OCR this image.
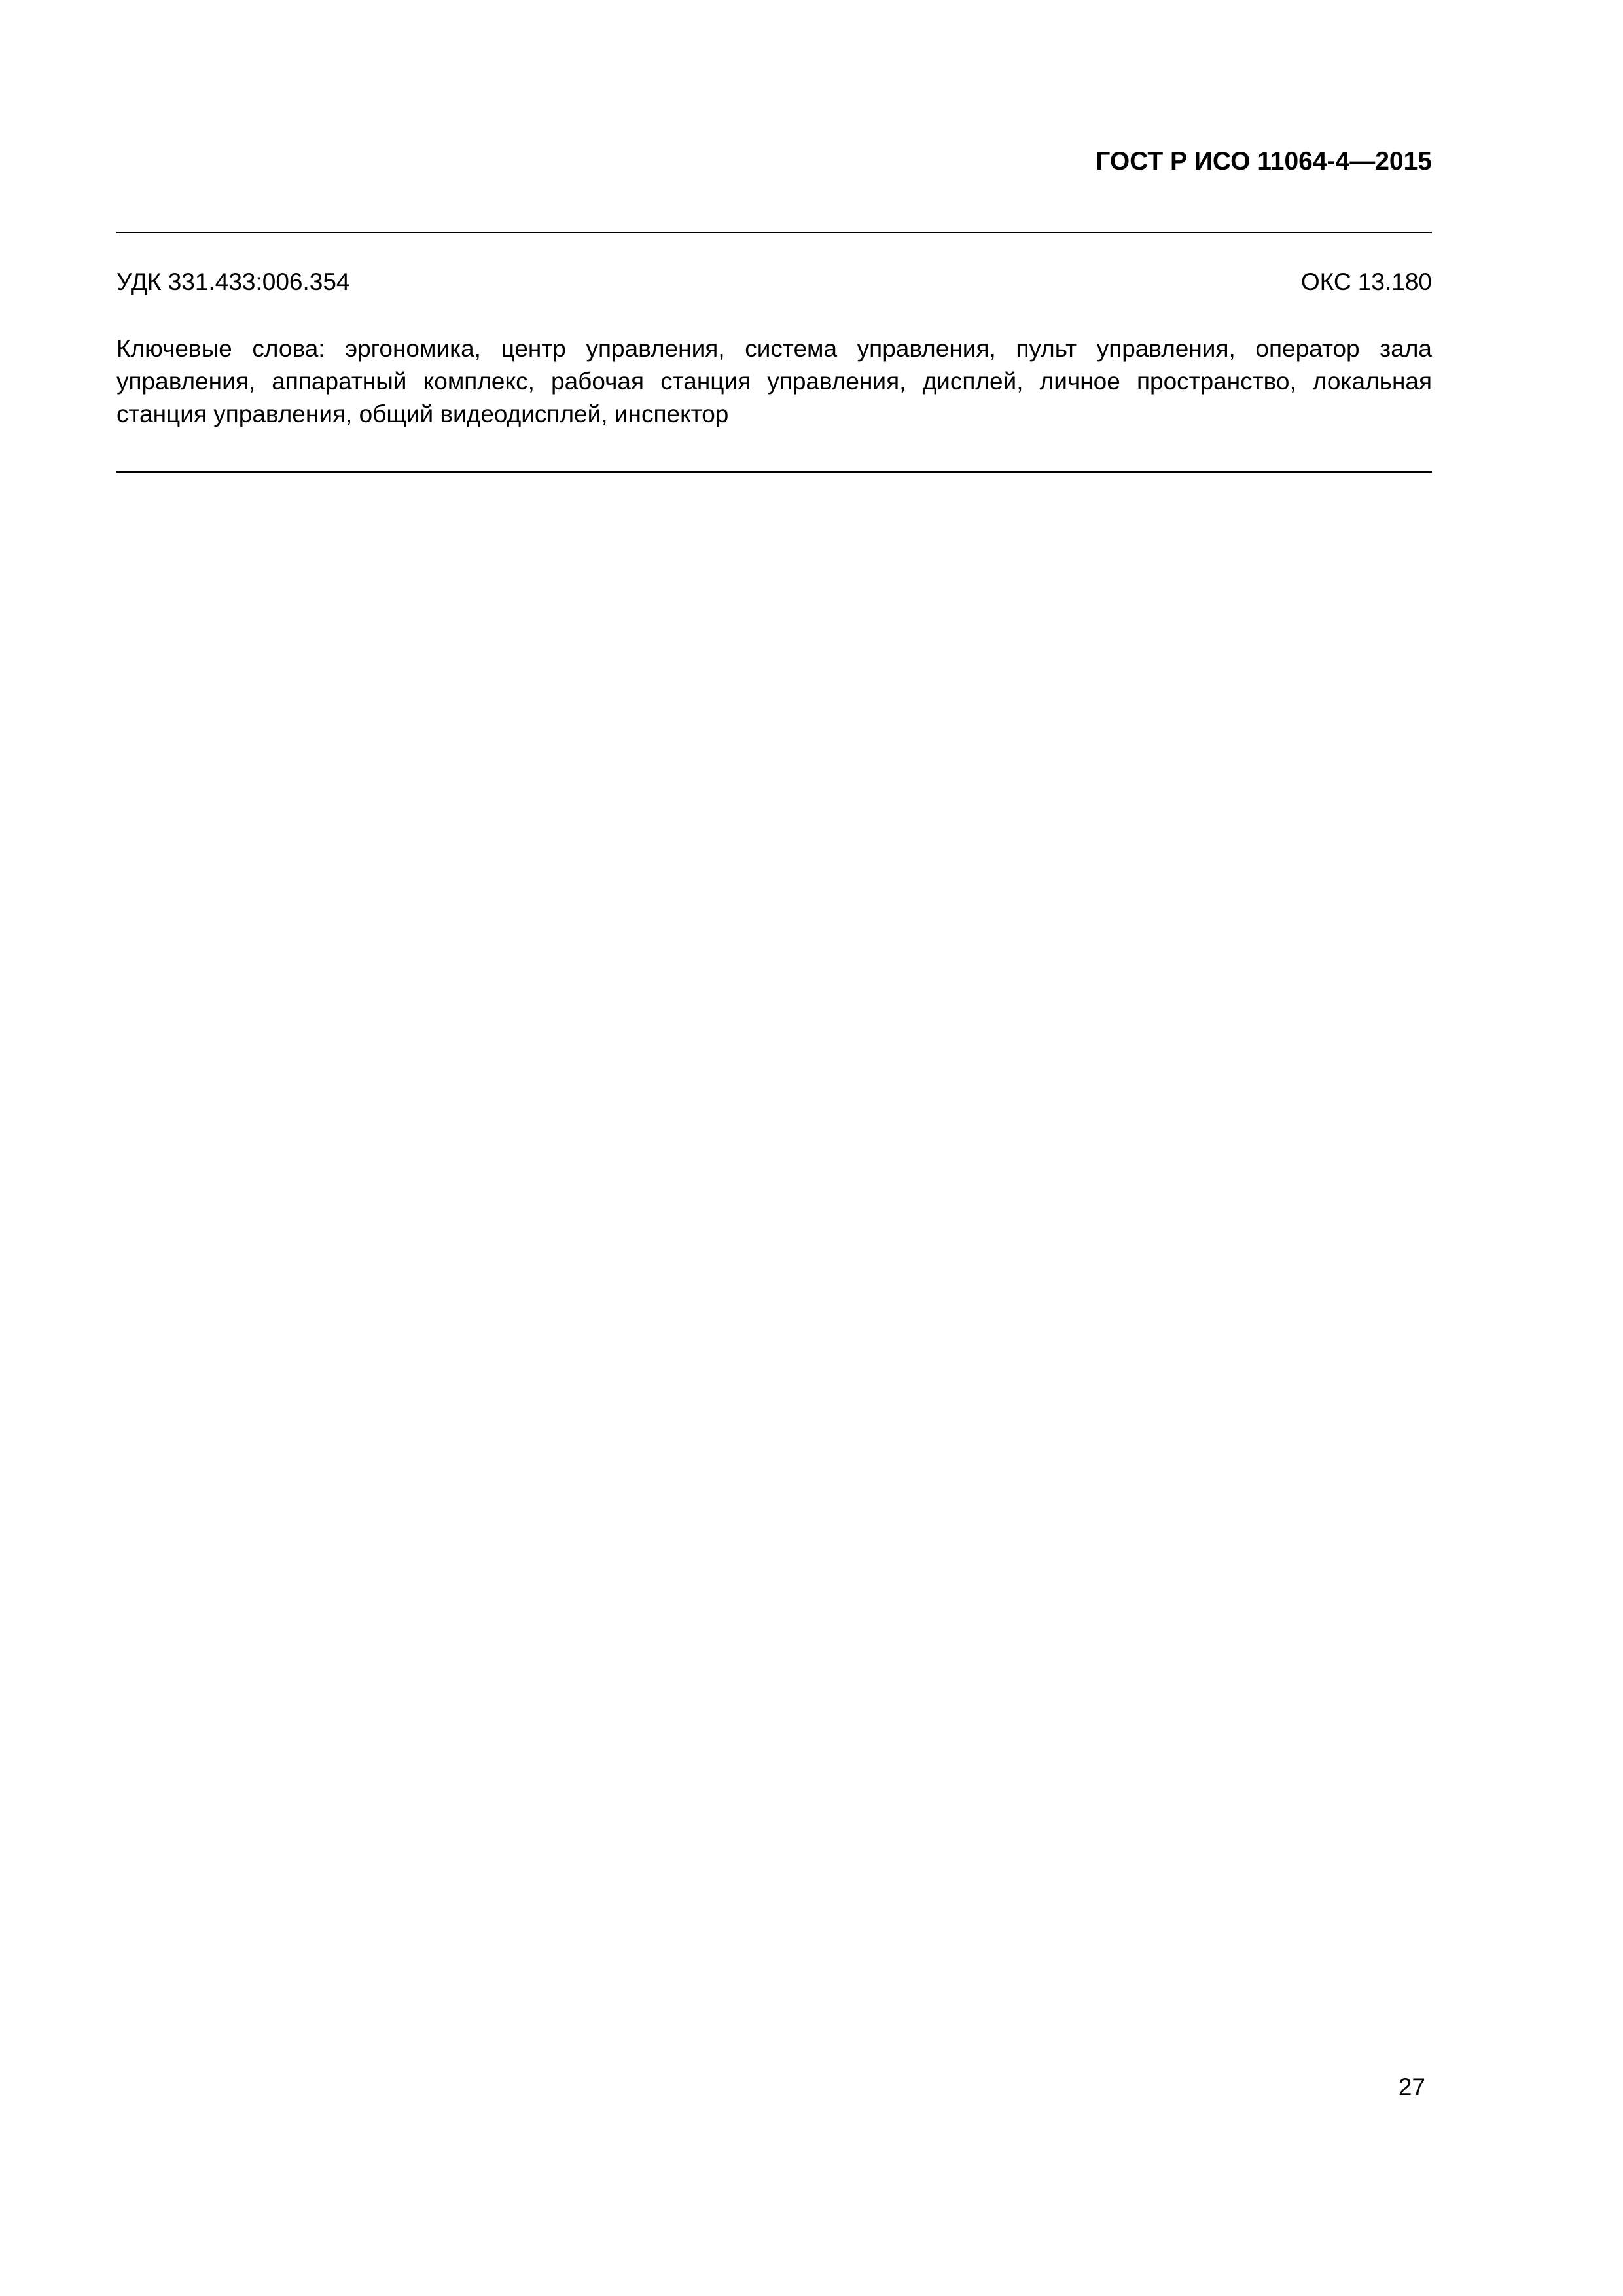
ГОСТ Р ИСО 11064-4—2015
УДК 331.433:006.354	ОКС 13.180
Ключевые слова: эргономика, центр управления, система управления, пульт управления, оператор зала управления, аппаратный комплекс, рабочая станция управления, дисплей, личное пространство, локальная станция управления, общий видеодисплей, инспектор
27
